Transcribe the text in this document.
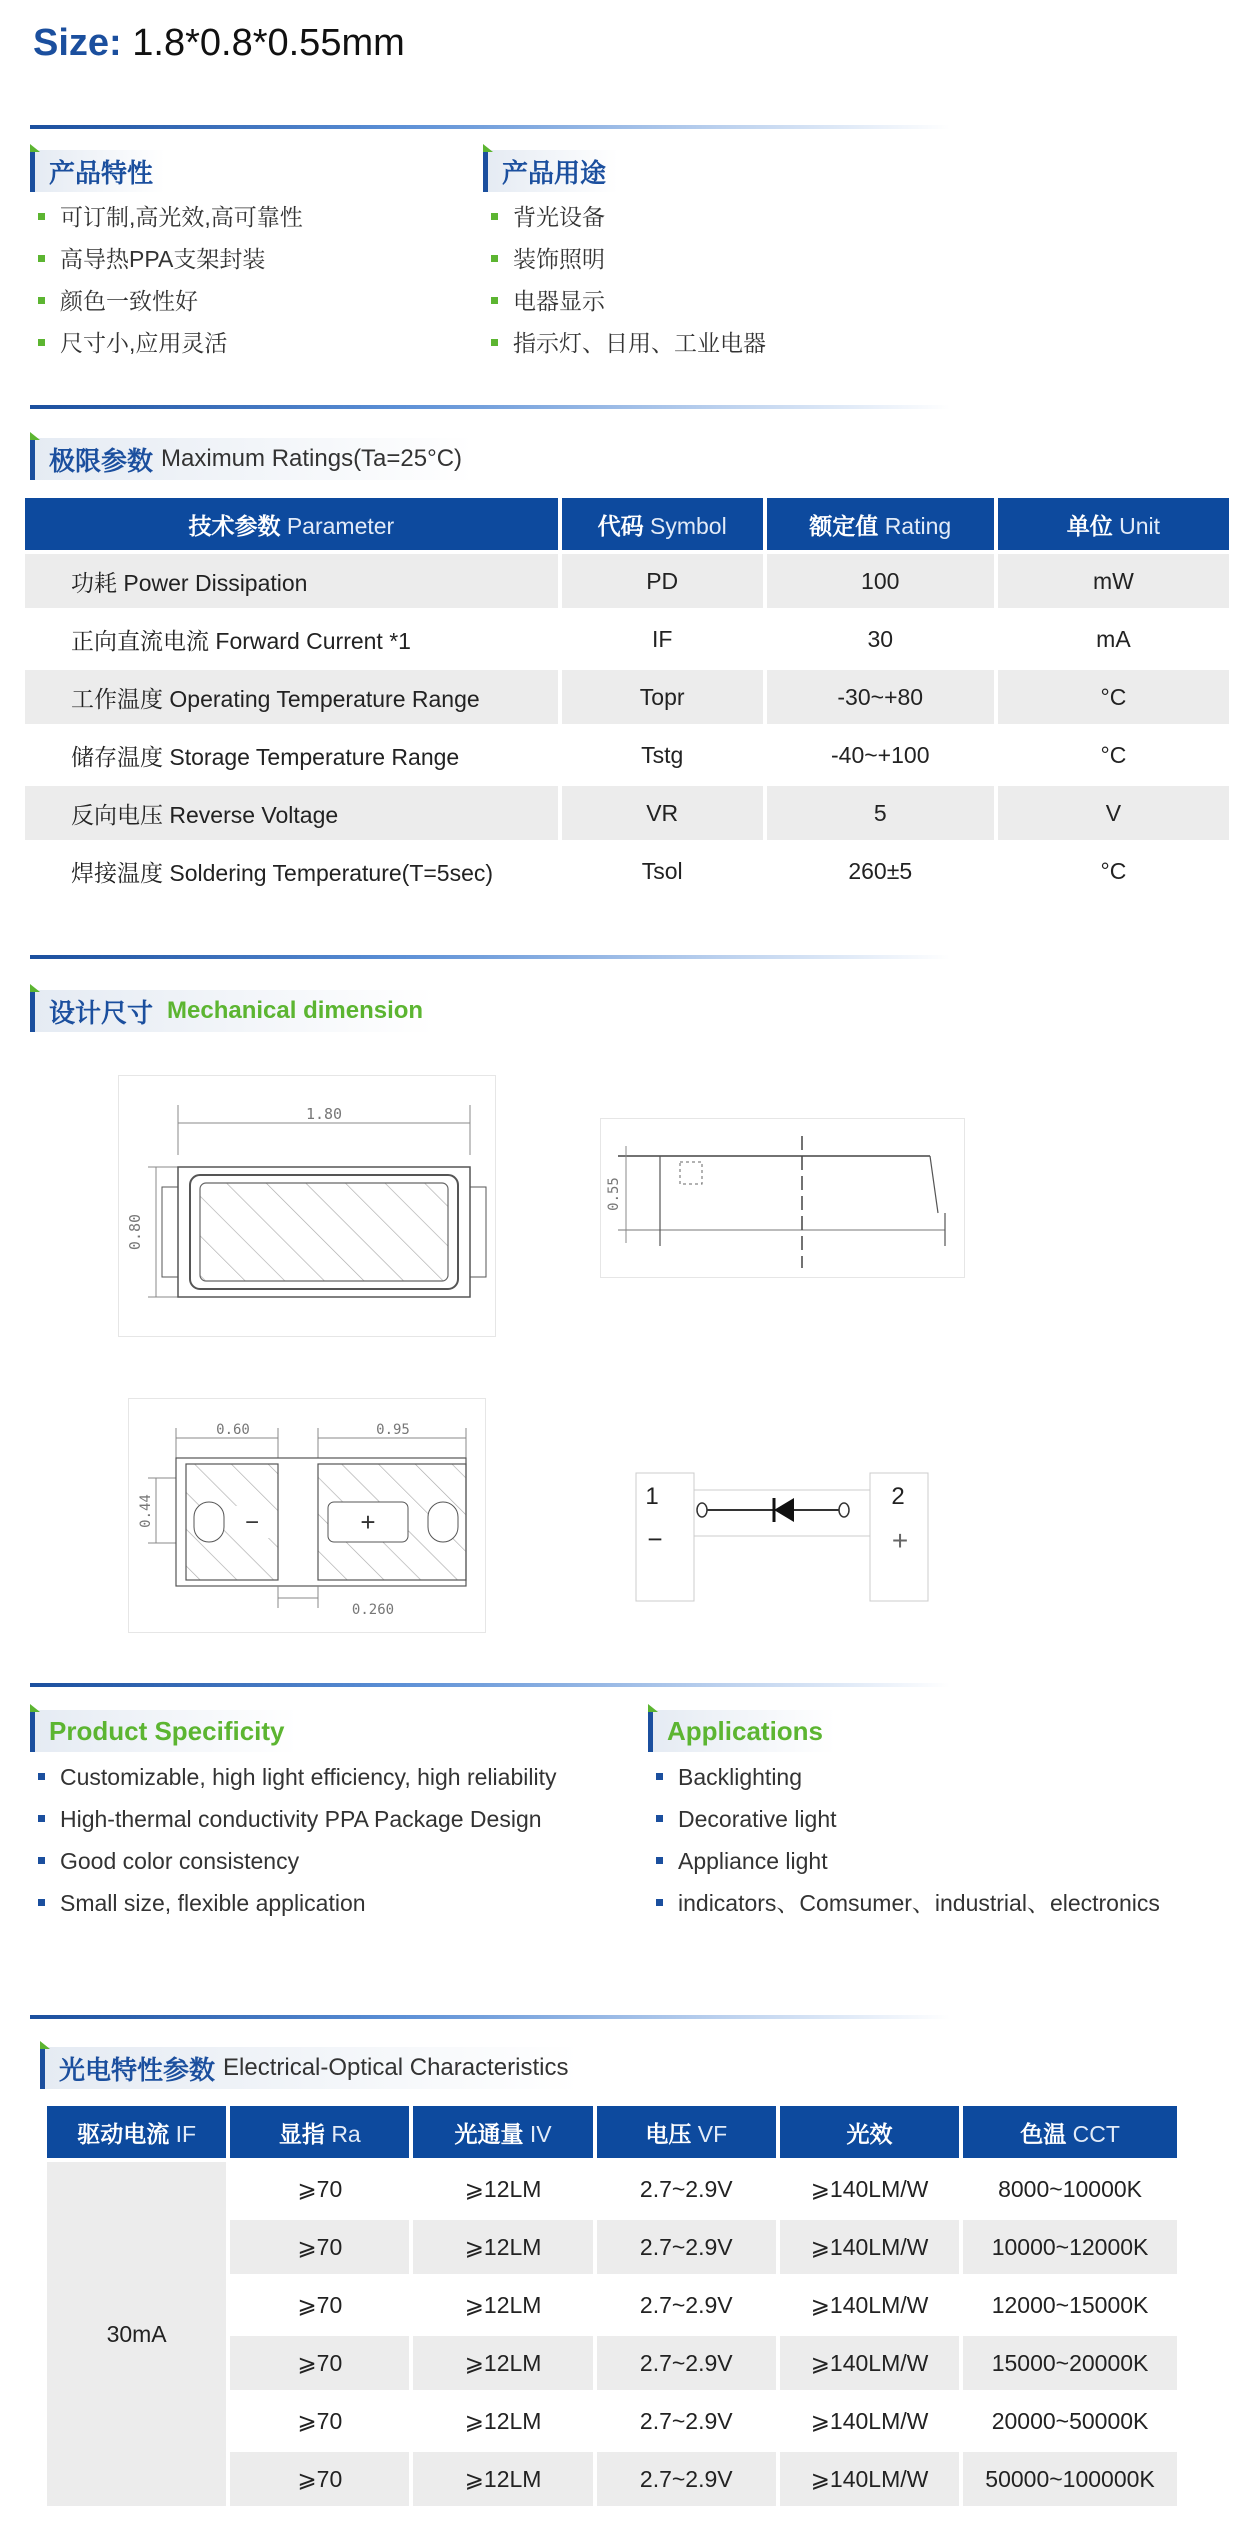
Size: 1.8*0.8*0.55mm
产品特性
可订制,高光效,高可靠性
高导热PPA支架封装
颜色一致性好
尺寸小,应用灵活
产品用途
背光设备
装饰照明
电器显示
指示灯、日用、工业电器
极限参数 Maximum Ratings(Ta=25°C)
技术参数 Parameter	代码 Symbol	额定值 Rating	单位 Unit
功耗 Power Dissipation	PD	100	mW
正向直流电流 Forward Current *1	IF	30	mA
工作温度 Operating Temperature Range	Topr	-30~+80	°C
储存温度 Storage Temperature Range	Tstg	-40~+100	°C
反向电压 Reverse Voltage	VR	5	V
焊接温度 Soldering Temperature(T=5sec)	Tsol	260±5	°C
设计尺寸 Mechanical dimension
1.80
0.80
0.55
0.60	0.95
0.44	−	+
0.260
1
−
2
+
Product Specificity
Customizable, high light efficiency, high reliability
High-thermal conductivity PPA Package Design
Good color consistency
Small size, flexible application
Applications
Backlighting
Decorative light
Appliance light
indicators、Comsumer、industrial、electronics
光电特性参数 Electrical-Optical Characteristics
驱动电流 IF	显指 Ra	光通量 IV	电压 VF	光效	色温 CCT
30mA	⩾70	⩾12LM	2.7~2.9V	⩾140LM/W	8000~10000K
	⩾70	⩾12LM	2.7~2.9V	⩾140LM/W	10000~12000K
	⩾70	⩾12LM	2.7~2.9V	⩾140LM/W	12000~15000K
	⩾70	⩾12LM	2.7~2.9V	⩾140LM/W	15000~20000K
	⩾70	⩾12LM	2.7~2.9V	⩾140LM/W	20000~50000K
	⩾70	⩾12LM	2.7~2.9V	⩾140LM/W	50000~100000K
